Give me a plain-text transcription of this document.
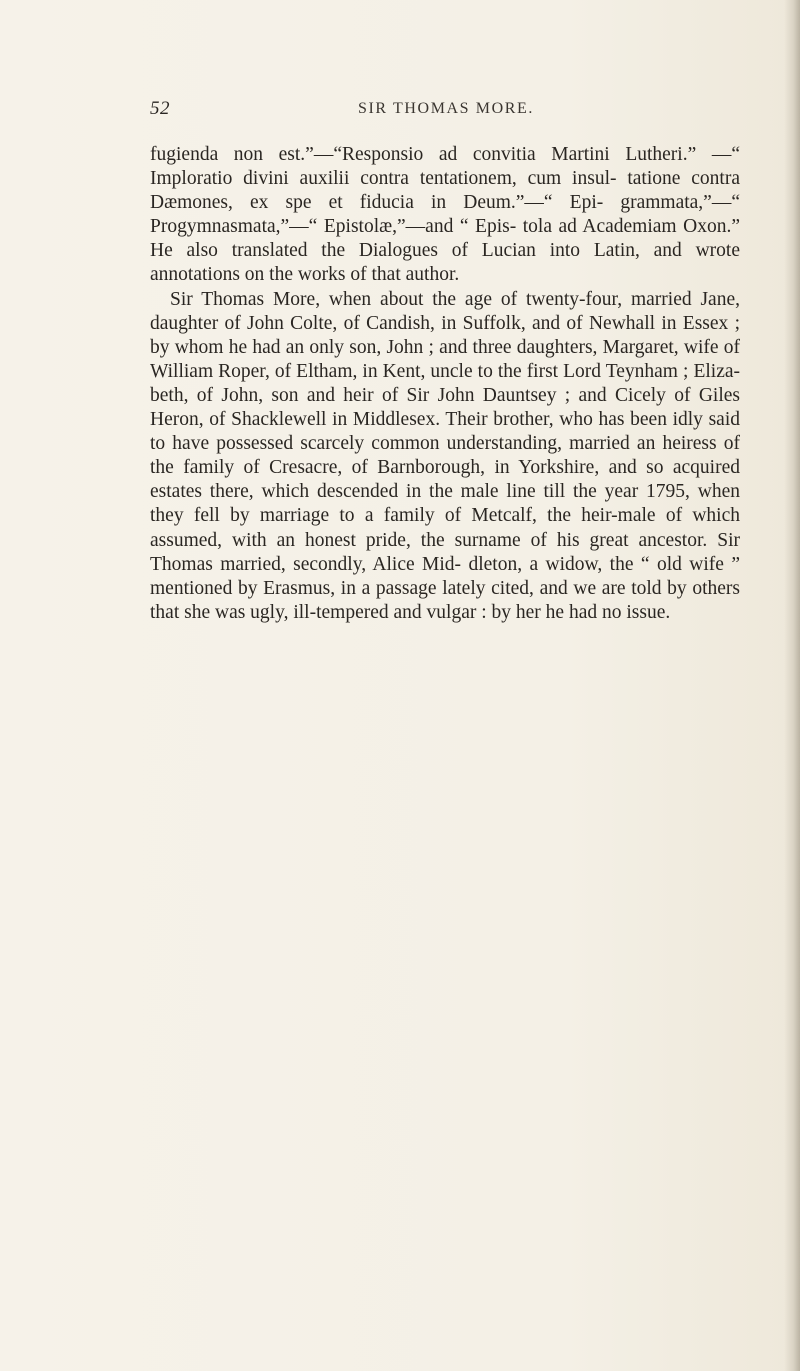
52	SIR THOMAS MORE.

fugienda non est.”—“Responsio ad convitia Martini Lutheri.” —“ Imploratio divini auxilii contra tentationem, cum insul- tatione contra Dæmones, ex spe et fiducia in Deum.”—“ Epi- grammata,”—“ Progymnasmata,”—“ Epistolæ,”—and “ Epis- tola ad Academiam Oxon.” He also translated the Dialogues of Lucian into Latin, and wrote annotations on the works of that author.

Sir Thomas More, when about the age of twenty-four, married Jane, daughter of John Colte, of Candish, in Suffolk, and of Newhall in Essex ; by whom he had an only son, John ; and three daughters, Margaret, wife of William Roper, of Eltham, in Kent, uncle to the first Lord Teynham ; Eliza- beth, of John, son and heir of Sir John Dauntsey ; and Cicely of Giles Heron, of Shacklewell in Middlesex. Their brother, who has been idly said to have possessed scarcely common understanding, married an heiress of the family of Cresacre, of Barnborough, in Yorkshire, and so acquired estates there, which descended in the male line till the year 1795, when they fell by marriage to a family of Metcalf, the heir-male of which assumed, with an honest pride, the surname of his great ancestor. Sir Thomas married, secondly, Alice Mid- dleton, a widow, the “ old wife ” mentioned by Erasmus, in a passage lately cited, and we are told by others that she was ugly, ill-tempered and vulgar : by her he had no issue.
